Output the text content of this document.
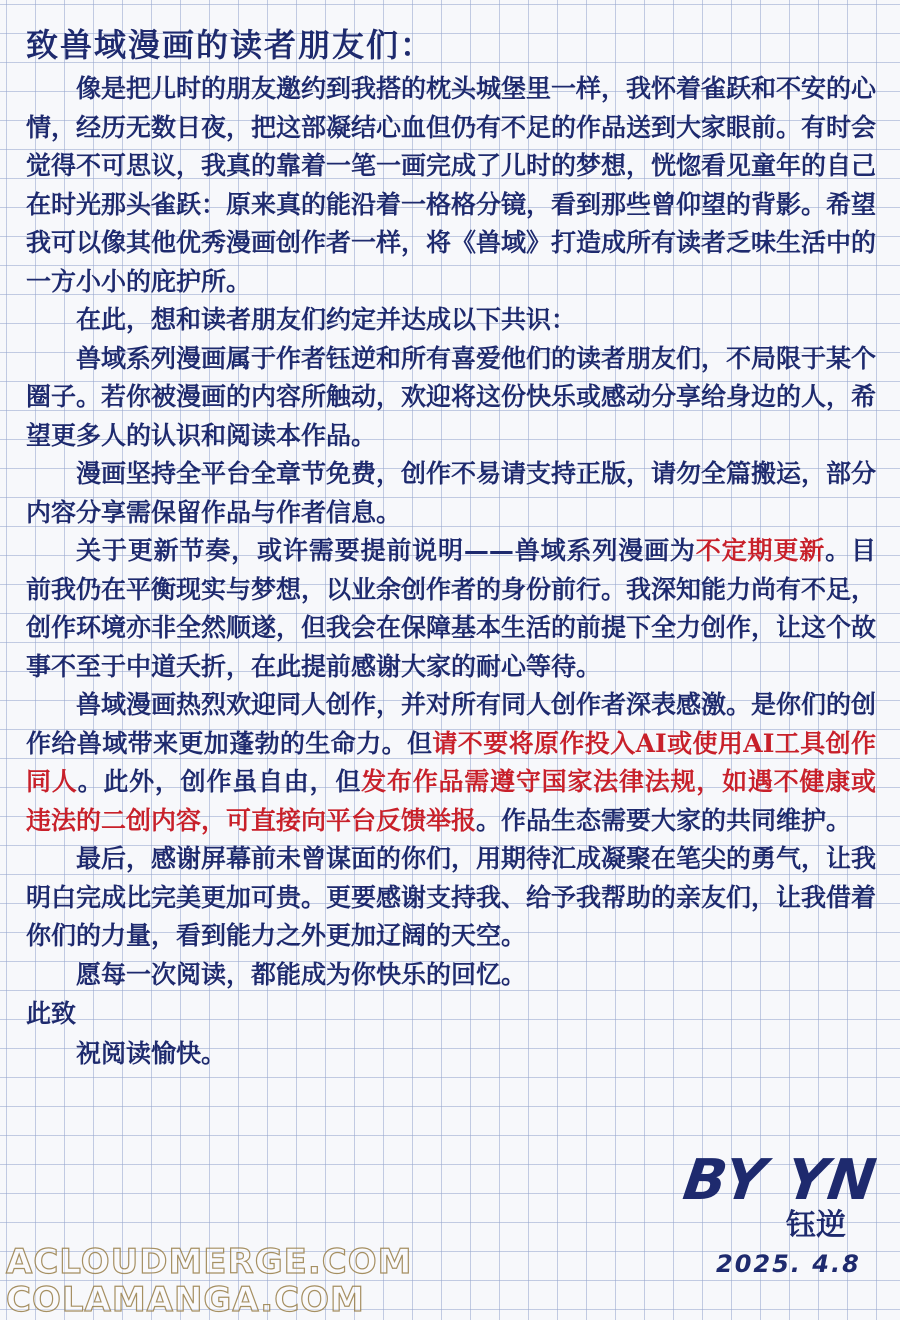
致兽域漫画的读者朋友们：

像是把儿时的朋友邀约到我搭的枕头城堡里一样，我怀着雀跃和不安的心情，经历无数日夜，把这部凝结心血但仍有不足的作品送到大家眼前。有时会觉得不可思议，我真的靠着一笔一画完成了儿时的梦想，恍惚看见童年的自己在时光那头雀跃：原来真的能沿着一格格分镜，看到那些曾仰望的背影。希望我可以像其他优秀漫画创作者一样，将《兽域》打造成所有读者乏味生活中的一方小小的庇护所。

在此，想和读者朋友们约定并达成以下共识：

兽域系列漫画属于作者钰逆和所有喜爱他们的读者朋友们，不局限于某个圈子。若你被漫画的内容所触动，欢迎将这份快乐或感动分享给身边的人，希望更多人的认识和阅读本作品。

漫画坚持全平台全章节免费，创作不易请支持正版，请勿全篇搬运，部分内容分享需保留作品与作者信息。

关于更新节奏，或许需要提前说明——兽域系列漫画为不定期更新。目前我仍在平衡现实与梦想，以业余创作者的身份前行。我深知能力尚有不足，创作环境亦非全然顺遂，但我会在保障基本生活的前提下全力创作，让这个故事不至于中道夭折，在此提前感谢大家的耐心等待。

兽域漫画热烈欢迎同人创作，并对所有同人创作者深表感激。是你们的创作给兽域带来更加蓬勃的生命力。但请不要将原作投入AI或使用AI工具创作同人。此外，创作虽自由，但发布作品需遵守国家法律法规，如遇不健康或违法的二创内容，可直接向平台反馈举报。作品生态需要大家的共同维护。

最后，感谢屏幕前未曾谋面的你们，用期待汇成凝聚在笔尖的勇气，让我明白完成比完美更加可贵。更要感谢支持我、给予我帮助的亲友们，让我借着你们的力量，看到能力之外更加辽阔的天空。

愿每一次阅读，都能成为你快乐的回忆。

此致
祝阅读愉快。
BY YN
钰逆
2025. 4.8
ACLOUDMERGE.COM
COLAMANGA.COM
